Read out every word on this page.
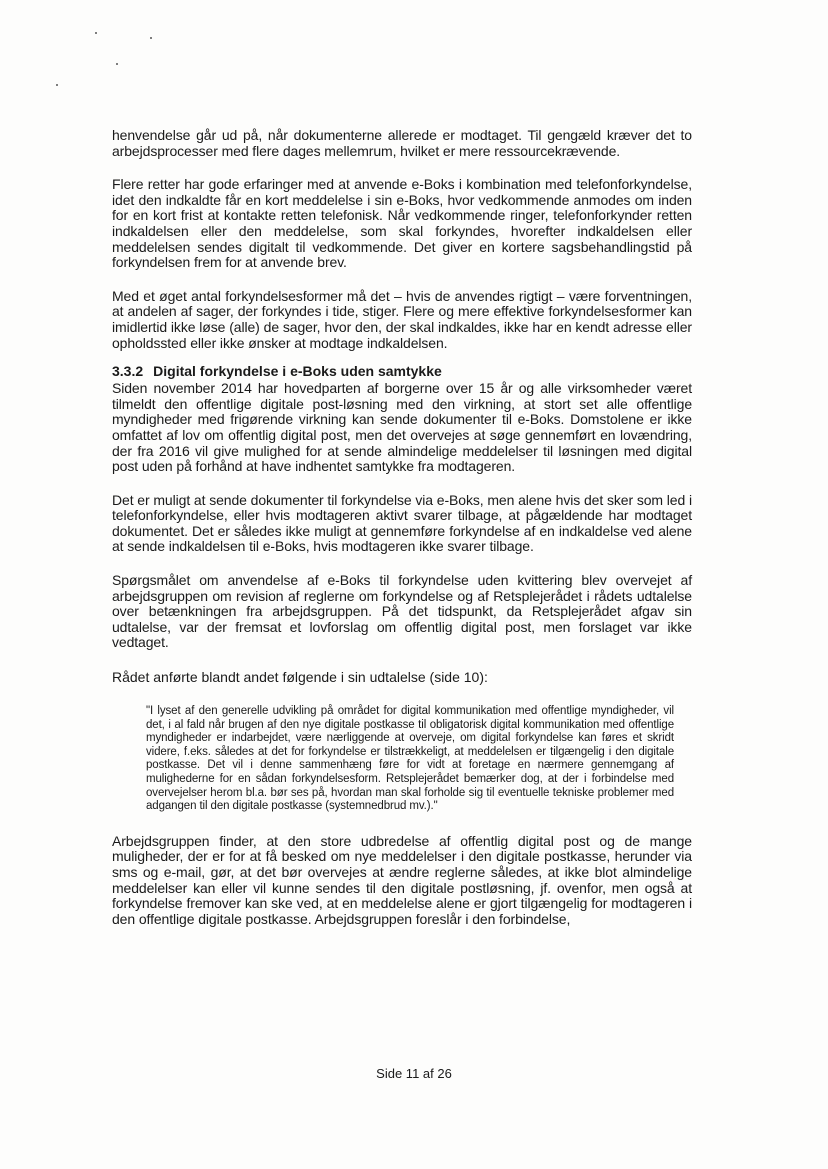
henvendelse går ud på, når dokumenterne allerede er modtaget. Til gengæld kræver det to arbejdsprocesser med flere dages mellemrum, hvilket er mere ressourcekrævende.

Flere retter har gode erfaringer med at anvende e-Boks i kombination med telefonforkyndelse, idet den indkaldte får en kort meddelelse i sin e-Boks, hvor vedkommende anmodes om inden for en kort frist at kontakte retten telefonisk. Når vedkommende ringer, telefonforkynder retten indkaldelsen eller den meddelelse, som skal forkyndes, hvorefter indkaldelsen eller meddelelsen sendes digitalt til vedkommende. Det giver en kortere sagsbehandlingstid på forkyndelsen frem for at anvende brev.

Med et øget antal forkyndelsesformer må det – hvis de anvendes rigtigt – være forventningen, at andelen af sager, der forkyndes i tide, stiger. Flere og mere effektive forkyndelsesformer kan imidlertid ikke løse (alle) de sager, hvor den, der skal indkaldes, ikke har en kendt adresse eller opholdssted eller ikke ønsker at modtage indkaldelsen.

3.3.2 Digital forkyndelse i e-Boks uden samtykke

Siden november 2014 har hovedparten af borgerne over 15 år og alle virksomheder været tilmeldt den offentlige digitale post-løsning med den virkning, at stort set alle offentlige myndigheder med frigørende virkning kan sende dokumenter til e-Boks. Domstolene er ikke omfattet af lov om offentlig digital post, men det overvejes at søge gennemført en lovændring, der fra 2016 vil give mulighed for at sende almindelige meddelelser til løsningen med digital post uden på forhånd at have indhentet samtykke fra modtageren.

Det er muligt at sende dokumenter til forkyndelse via e-Boks, men alene hvis det sker som led i telefonforkyndelse, eller hvis modtageren aktivt svarer tilbage, at pågældende har modtaget dokumentet. Det er således ikke muligt at gennemføre forkyndelse af en indkaldelse ved alene at sende indkaldelsen til e-Boks, hvis modtageren ikke svarer tilbage.

Spørgsmålet om anvendelse af e-Boks til forkyndelse uden kvittering blev overvejet af arbejdsgruppen om revision af reglerne om forkyndelse og af Retsplejerådet i rådets udtalelse over betænkningen fra arbejdsgruppen. På det tidspunkt, da Retsplejerådet afgav sin udtalelse, var der fremsat et lovforslag om offentlig digital post, men forslaget var ikke vedtaget.

Rådet anførte blandt andet følgende i sin udtalelse (side 10):

"I lyset af den generelle udvikling på området for digital kommunikation med offentlige myndigheder, vil det, i al fald når brugen af den nye digitale postkasse til obligatorisk digital kommunikation med offentlige myndigheder er indarbejdet, være nærliggende at overveje, om digital forkyndelse kan føres et skridt videre, f.eks. således at det for forkyndelse er tilstrækkeligt, at meddelelsen er tilgængelig i den digitale postkasse. Det vil i denne sammenhæng føre for vidt at foretage en nærmere gennemgang af mulighederne for en sådan forkyndelsesform. Retsplejerådet bemærker dog, at der i forbindelse med overvejelser herom bl.a. bør ses på, hvordan man skal forholde sig til eventuelle tekniske problemer med adgangen til den digitale postkasse (systemnedbrud mv.)."

Arbejdsgruppen finder, at den store udbredelse af offentlig digital post og de mange muligheder, der er for at få besked om nye meddelelser i den digitale postkasse, herunder via sms og e-mail, gør, at det bør overvejes at ændre reglerne således, at ikke blot almindelige meddelelser kan eller vil kunne sendes til den digitale postløsning, jf. ovenfor, men også at forkyndelse fremover kan ske ved, at en meddelelse alene er gjort tilgængelig for modtageren i den offentlige digitale postkasse. Arbejdsgruppen foreslår i den forbindelse,

Side 11 af 26
